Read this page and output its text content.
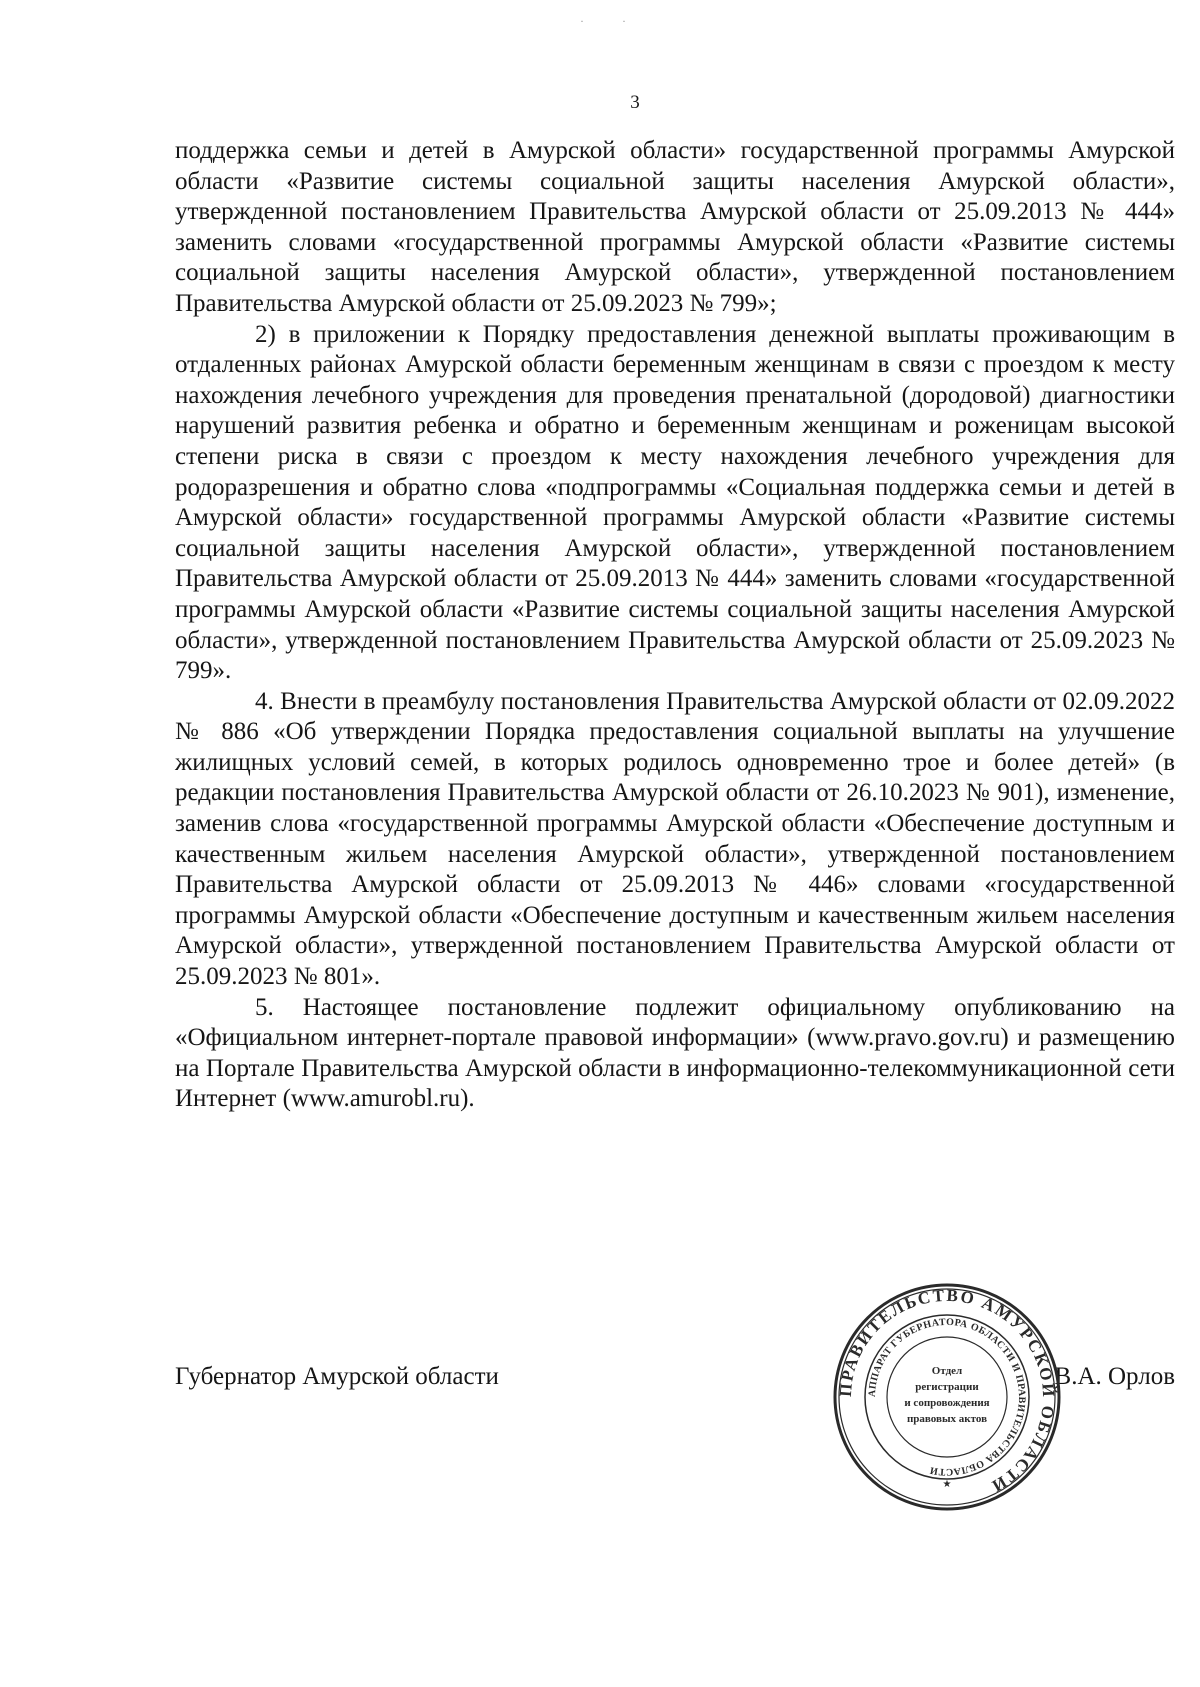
··
3

поддержка семьи и детей в Амурской области» государственной программы Амурской области «Развитие системы социальной защиты населения Амурской области», утвержденной постановлением Правительства Амурской области от 25.09.2013 № 444» заменить словами «государственной программы Амурской области «Развитие системы социальной защиты населения Амурской области», утвержденной постановлением Правительства Амурской области от 25.09.2023 № 799»;

2) в приложении к Порядку предоставления денежной выплаты проживающим в отдаленных районах Амурской области беременным женщинам в связи с проездом к месту нахождения лечебного учреждения для проведения пренатальной (дородовой) диагностики нарушений развития ребенка и обратно и беременным женщинам и роженицам высокой степени риска в связи с проездом к месту нахождения лечебного учреждения для родоразрешения и обратно слова «подпрограммы «Социальная поддержка семьи и детей в Амурской области» государственной программы Амурской области «Развитие системы социальной защиты населения Амурской области», утвержденной постановлением Правительства Амурской области от 25.09.2013 № 444» заменить словами «государственной программы Амурской области «Развитие системы социальной защиты населения Амурской области», утвержденной постановлением Правительства Амурской области от 25.09.2023 № 799».

4. Внести в преамбулу постановления Правительства Амурской области от 02.09.2022 № 886 «Об утверждении Порядка предоставления социальной выплаты на улучшение жилищных условий семей, в которых родилось одновременно трое и более детей» (в редакции постановления Правительства Амурской области от 26.10.2023 № 901), изменение, заменив слова «государственной программы Амурской области «Обеспечение доступным и качественным жильем населения Амурской области», утвержденной постановлением Правительства Амурской области от 25.09.2013 № 446» словами «государственной программы Амурской области «Обеспечение доступным и качественным жильем населения Амурской области», утвержденной постановлением Правительства Амурской области от 25.09.2023 № 801».

5. Настоящее постановление подлежит официальному опубликованию на «Официальном интернет-портале правовой информации» (www.pravo.gov.ru) и размещению на Портале Правительства Амурской области в информационно-телекоммуникационной сети Интернет (www.amurobl.ru).

Губернатор Амурской области	В.А. Орлов
ПРАВИТЕЛЬСТВО АМУРСКОЙ ОБЛАСТИ
АППАРАТ ГУБЕРНАТОРА ОБЛАСТИ И ПРАВИТЕЛЬСТВА ОБЛАСТИ
Отдел
регистрации
и сопровождения
правовых актов
★
